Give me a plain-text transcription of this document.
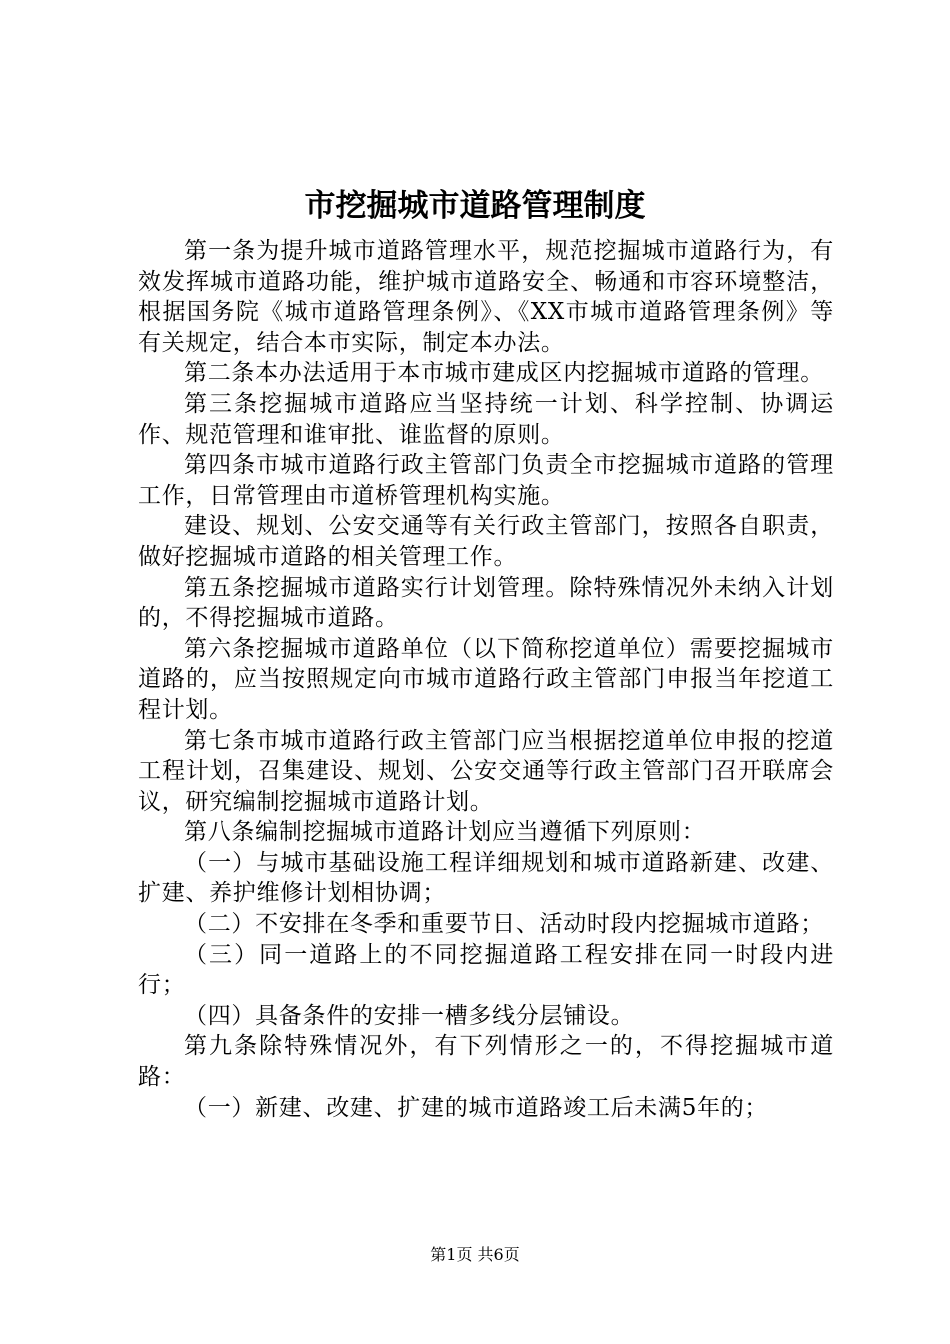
市挖掘城市道路管理制度

第一条为提升城市道路管理水平，规范挖掘城市道路行为，有效发挥城市道路功能，维护城市道路安全、畅通和市容环境整洁，根据国务院《城市道路管理条例》、《XX市城市道路管理条例》等有关规定，结合本市实际，制定本办法。

第二条本办法适用于本市城市建成区内挖掘城市道路的管理。

第三条挖掘城市道路应当坚持统一计划、科学控制、协调运作、规范管理和谁审批、谁监督的原则。

第四条市城市道路行政主管部门负责全市挖掘城市道路的管理工作，日常管理由市道桥管理机构实施。

建设、规划、公安交通等有关行政主管部门，按照各自职责，做好挖掘城市道路的相关管理工作。

第五条挖掘城市道路实行计划管理。除特殊情况外未纳入计划的，不得挖掘城市道路。

第六条挖掘城市道路单位（以下简称挖道单位）需要挖掘城市道路的，应当按照规定向市城市道路行政主管部门申报当年挖道工程计划。

第七条市城市道路行政主管部门应当根据挖道单位申报的挖道工程计划，召集建设、规划、公安交通等行政主管部门召开联席会议，研究编制挖掘城市道路计划。

第八条编制挖掘城市道路计划应当遵循下列原则：

（一）与城市基础设施工程详细规划和城市道路新建、改建、扩建、养护维修计划相协调；

（二）不安排在冬季和重要节日、活动时段内挖掘城市道路；

（三）同一道路上的不同挖掘道路工程安排在同一时段内进行；

（四）具备条件的安排一槽多线分层铺设。

第九条除特殊情况外，有下列情形之一的，不得挖掘城市道路：

（一）新建、改建、扩建的城市道路竣工后未满5年的；

第1页 共6页
